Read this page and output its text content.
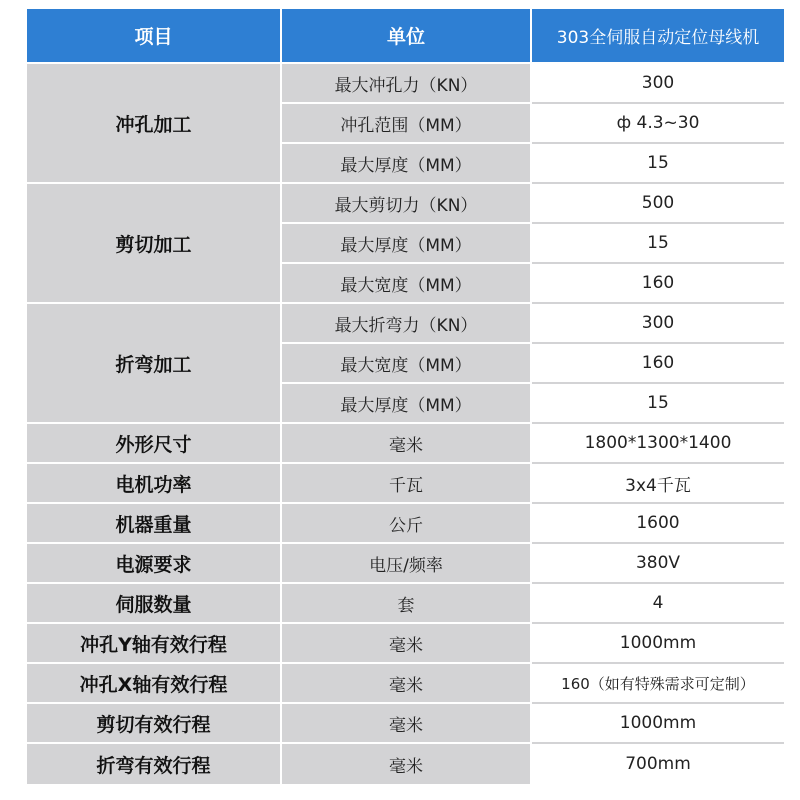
项目	单位	303全伺服自动定位母线机
冲孔加工	最大冲孔力（KN）	300
	冲孔范围（MM）	ф 4.3~30
	最大厚度（MM）	15
剪切加工	最大剪切力（KN）	500
	最大厚度（MM）	15
	最大宽度（MM）	160
折弯加工	最大折弯力（KN）	300
	最大宽度（MM）	160
	最大厚度（MM）	15
外形尺寸	毫米	1800*1300*1400
电机功率	千瓦	3x4千瓦
机器重量	公斤	1600
电源要求	电压/频率	380V
伺服数量	套	4
冲孔Y轴有效行程	毫米	1000mm
冲孔X轴有效行程	毫米	160（如有特殊需求可定制）
剪切有效行程	毫米	1000mm
折弯有效行程	毫米	700mm
